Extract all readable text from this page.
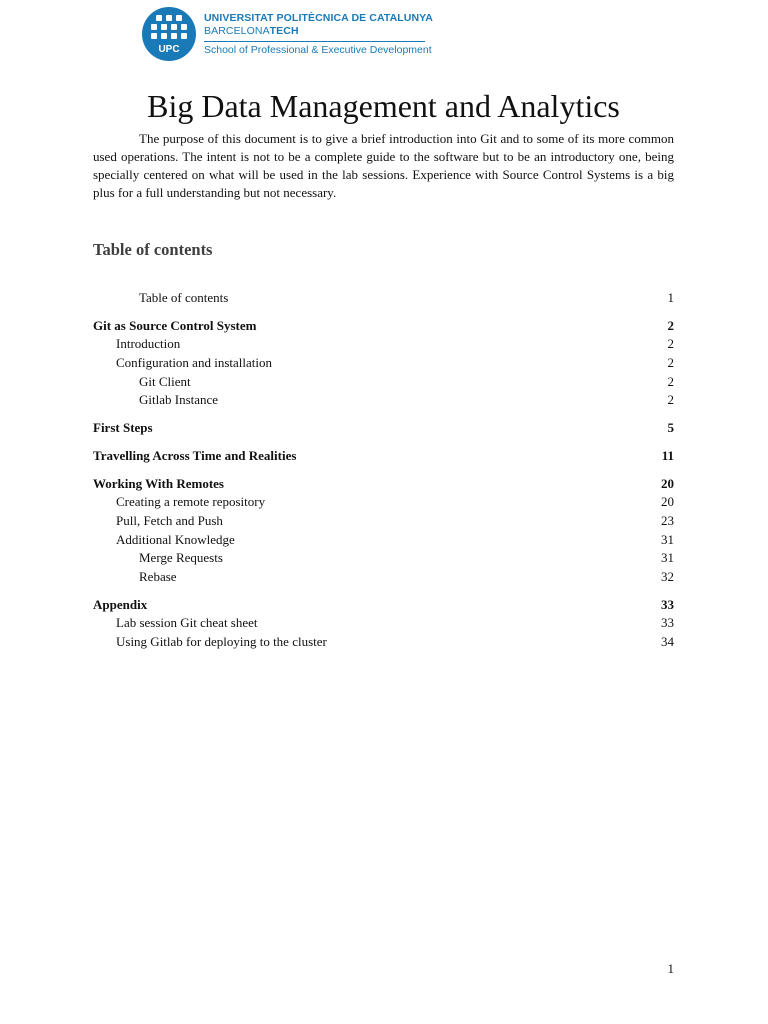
UPC
UNIVERSITAT POLITÈCNICA DE CATALUNYA
BARCELONATECH
School of Professional & Executive Development
Big Data Management and Analytics

The purpose of this document is to give a brief introduction into Git and to some of its more common used operations. The intent is not to be a complete guide to the software but to be an introductory one, being specially centered on what will be used in the lab sessions. Experience with Source Control Systems is a big plus for a full understanding but not necessary.

Table of contents
Table of contents	1
Git as Source Control System	2
Introduction	2
Configuration and installation	2
Git Client	2
Gitlab Instance	2
First Steps	5
Travelling Across Time and Realities	11
Working With Remotes	20
Creating a remote repository	20
Pull, Fetch and Push	23
Additional Knowledge	31
Merge Requests	31
Rebase	32
Appendix	33
Lab session Git cheat sheet	33
Using Gitlab for deploying to the cluster	34
1
